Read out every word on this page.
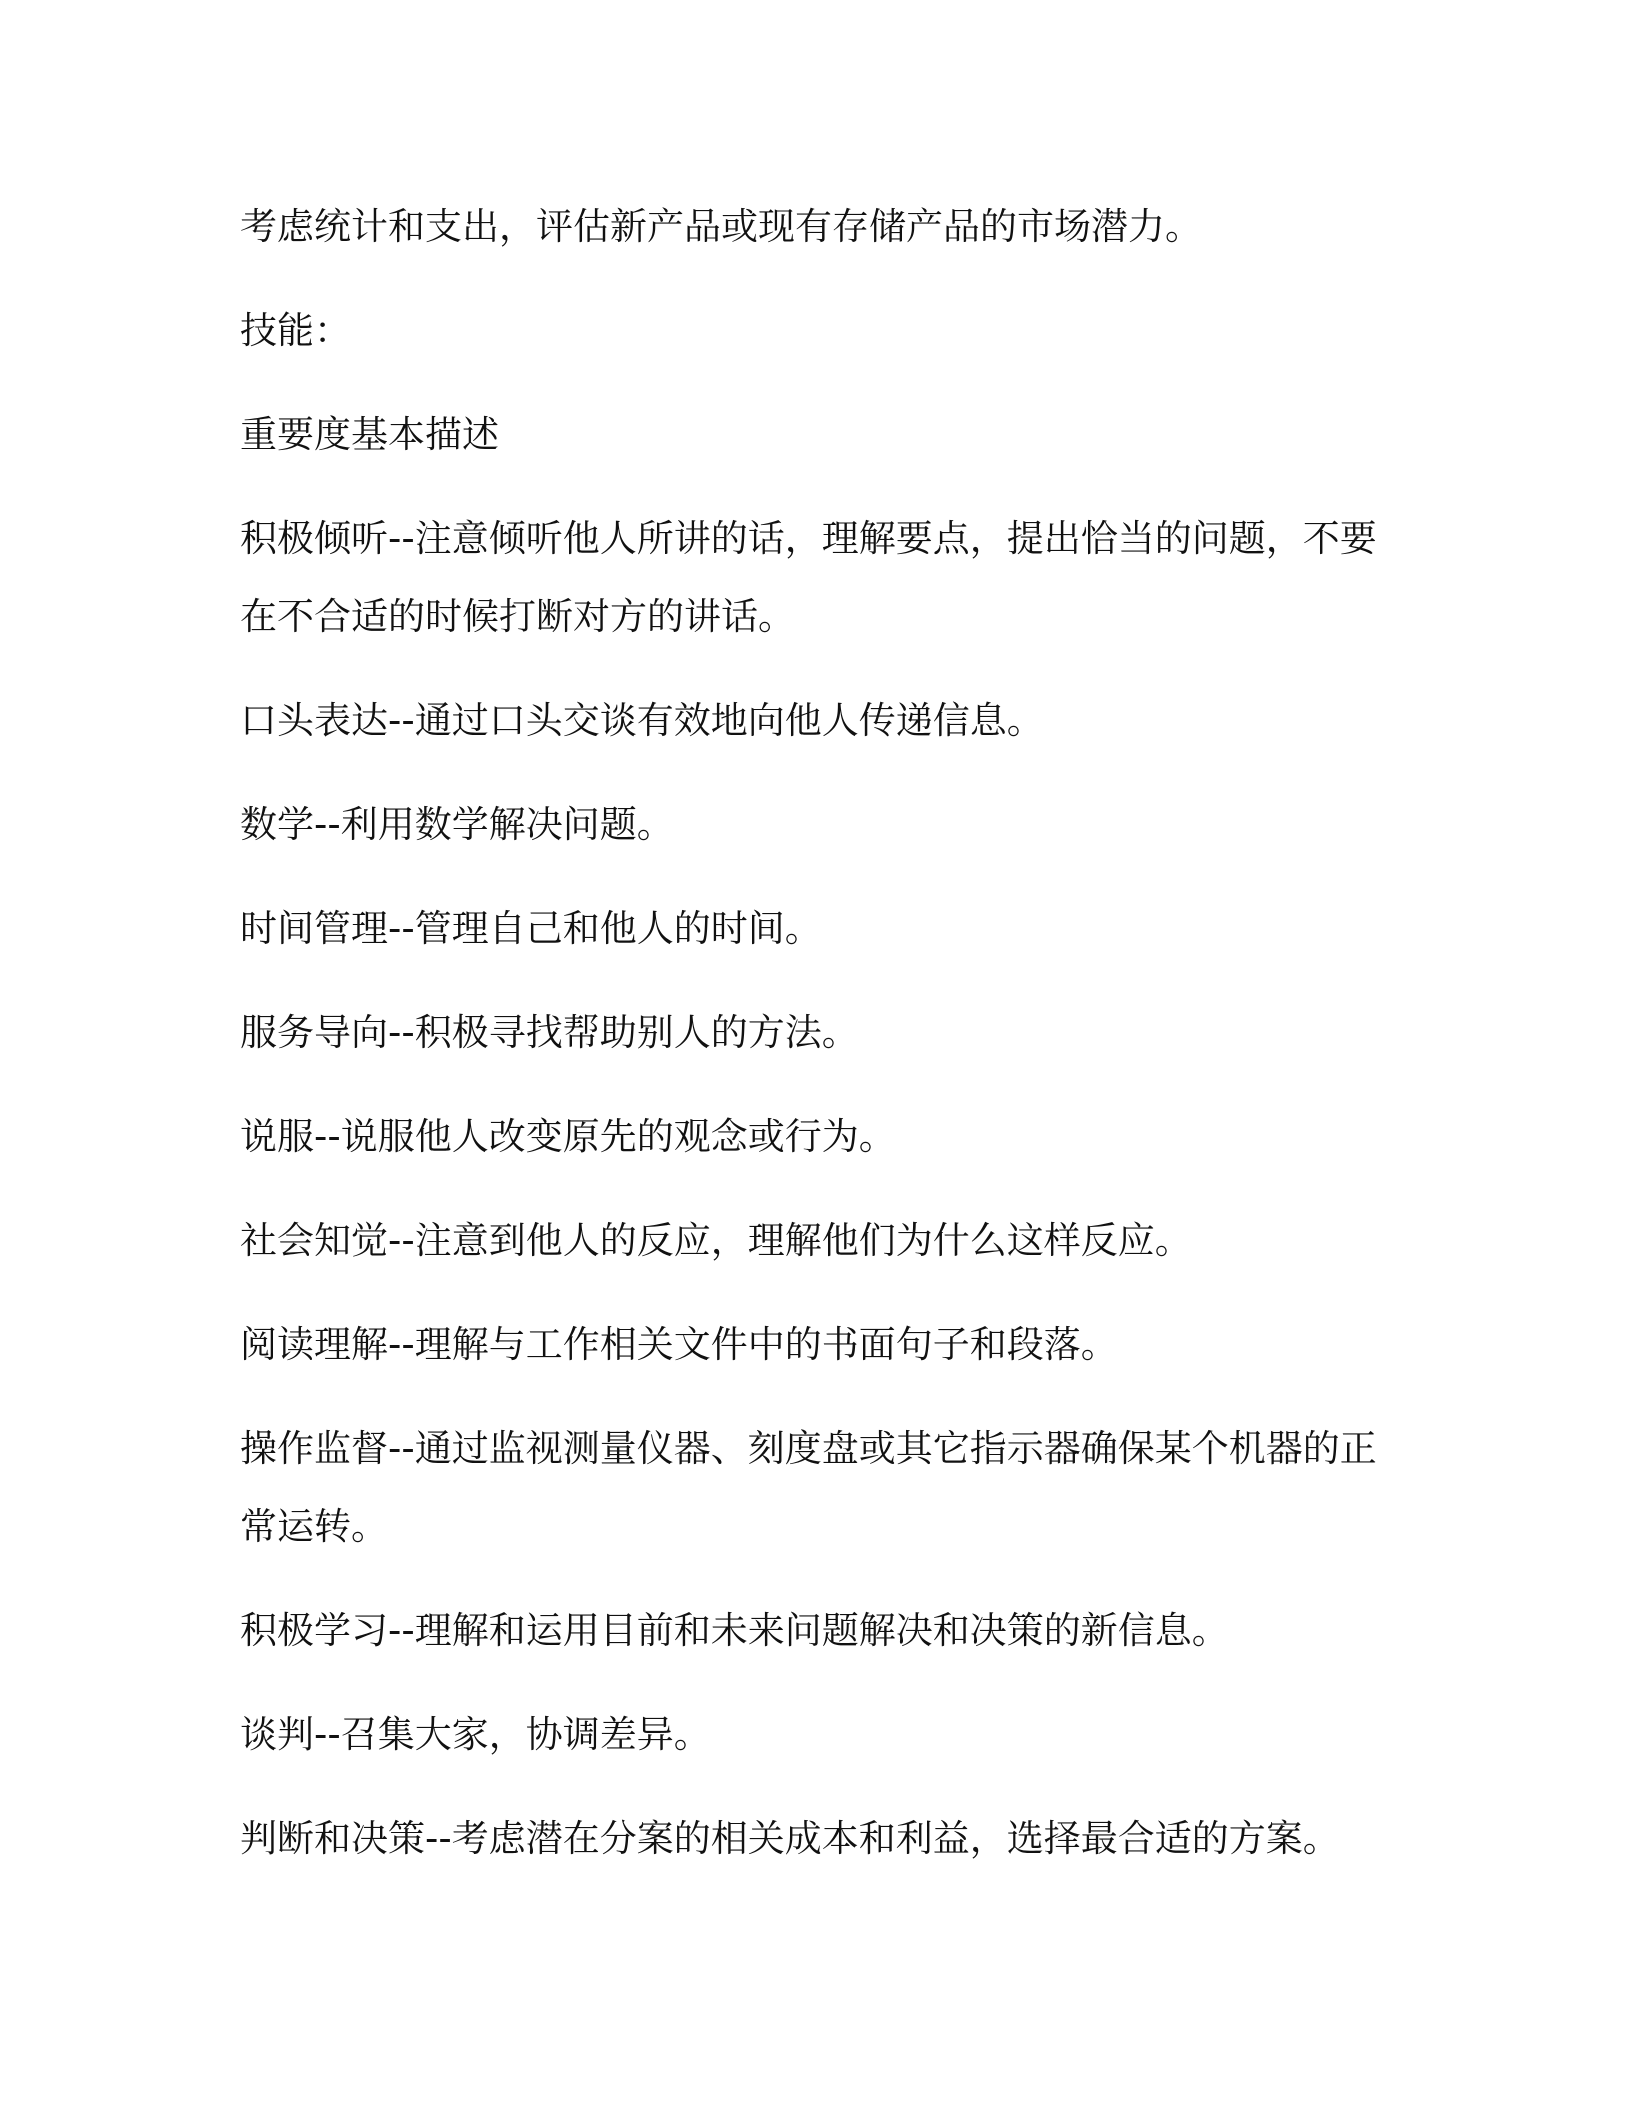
考虑统计和支出，评估新产品或现有存储产品的市场潜力。

技能：

重要度基本描述

积极倾听--注意倾听他人所讲的话，理解要点，提出恰当的问题，不要在不合适的时候打断对方的讲话。

口头表达--通过口头交谈有效地向他人传递信息。

数学--利用数学解决问题。

时间管理--管理自己和他人的时间。

服务导向--积极寻找帮助别人的方法。

说服--说服他人改变原先的观念或行为。

社会知觉--注意到他人的反应，理解他们为什么这样反应。

阅读理解--理解与工作相关文件中的书面句子和段落。

操作监督--通过监视测量仪器、刻度盘或其它指示器确保某个机器的正常运转。

积极学习--理解和运用目前和未来问题解决和决策的新信息。

谈判--召集大家，协调差异。

判断和决策--考虑潜在分案的相关成本和利益，选择最合适的方案。
